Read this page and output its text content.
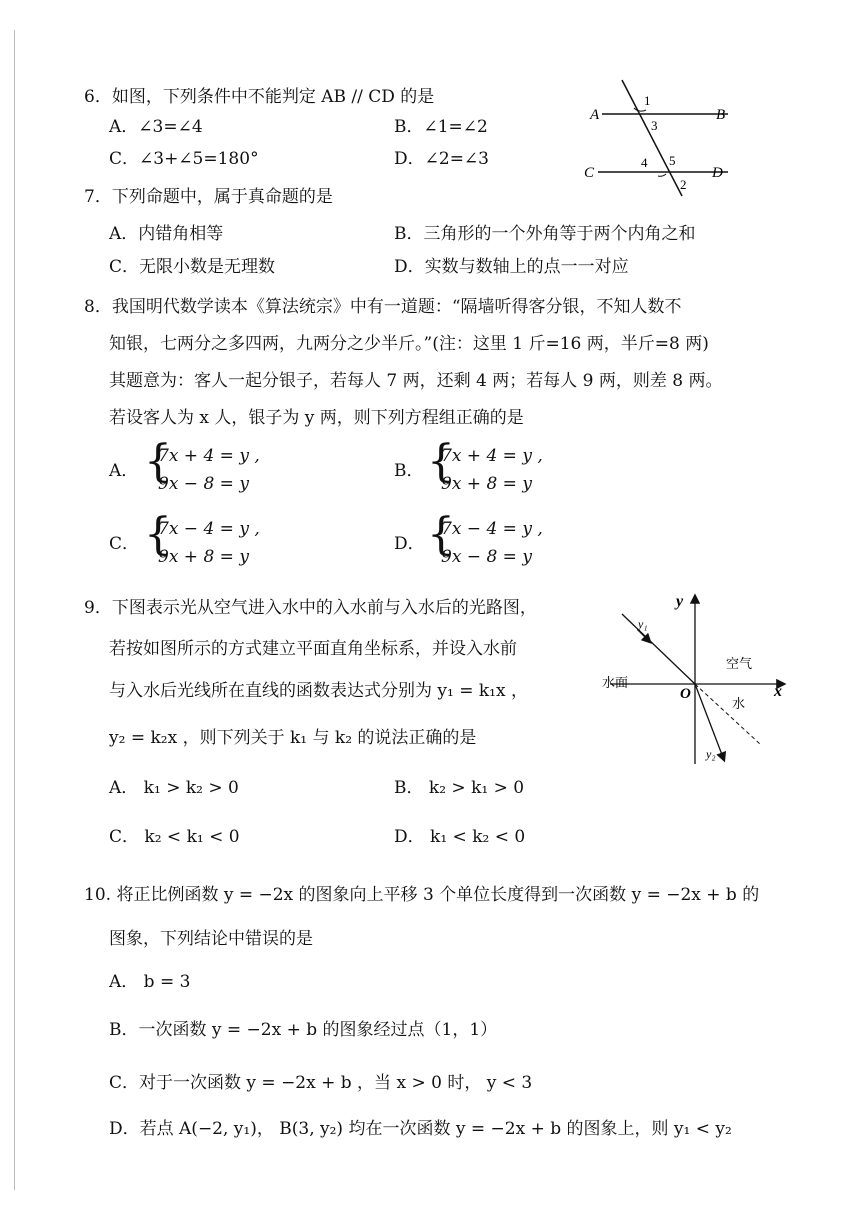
6．如图，下列条件中不能判定 AB // CD 的是
A．∠3=∠4	B．∠1=∠2
C．∠3+∠5=180°	D．∠2=∠3
A	B
C	D
1
3
4 5
2
7．下列命题中，属于真命题的是
A．内错角相等	B．三角形的一个外角等于两个内角之和
C．无限小数是无理数	D．实数与数轴上的点一一对应
8．我国明代数学读本《算法统宗》中有一道题：“隔墙听得客分银，不知人数不
知银，七两分之多四两，九两分之少半斤。”(注：这里 1 斤=16 两，半斤=8 两)
其题意为：客人一起分银子，若每人 7 两，还剩 4 两；若每人 9 两，则差 8 两。
若设客人为 x 人，银子为 y 两，则下列方程组正确的是
A． {
7x + 4 = y ,
9x − 8 = y
B． {
7x + 4 = y ,
9x + 8 = y
C． {
7x − 4 = y ,
9x + 8 = y
D． {
7x − 4 = y ,
9x − 8 = y
9．下图表示光从空气进入水中的入水前与入水后的光路图，
若按如图所示的方式建立平面直角坐标系，并设入水前
与入水后光线所在直线的函数表达式分别为 y₁ = k₁x ，
y₂ = k₂x ，则下列关于 k₁ 与 k₂ 的说法正确的是
y
x
O
y₁
y₂
空气
水面
水
A． k₁ > k₂ > 0	B． k₂ > k₁ > 0
C． k₂ < k₁ < 0	D． k₁ < k₂ < 0
10. 将正比例函数 y = −2x 的图象向上平移 3 个单位长度得到一次函数 y = −2x + b 的
图象，下列结论中错误的是
A． b = 3
B．一次函数 y = −2x + b 的图象经过点（1，1）
C．对于一次函数 y = −2x + b ，当 x > 0 时， y < 3
D．若点 A(−2, y₁)， B(3, y₂) 均在一次函数 y = −2x + b 的图象上，则 y₁ < y₂
